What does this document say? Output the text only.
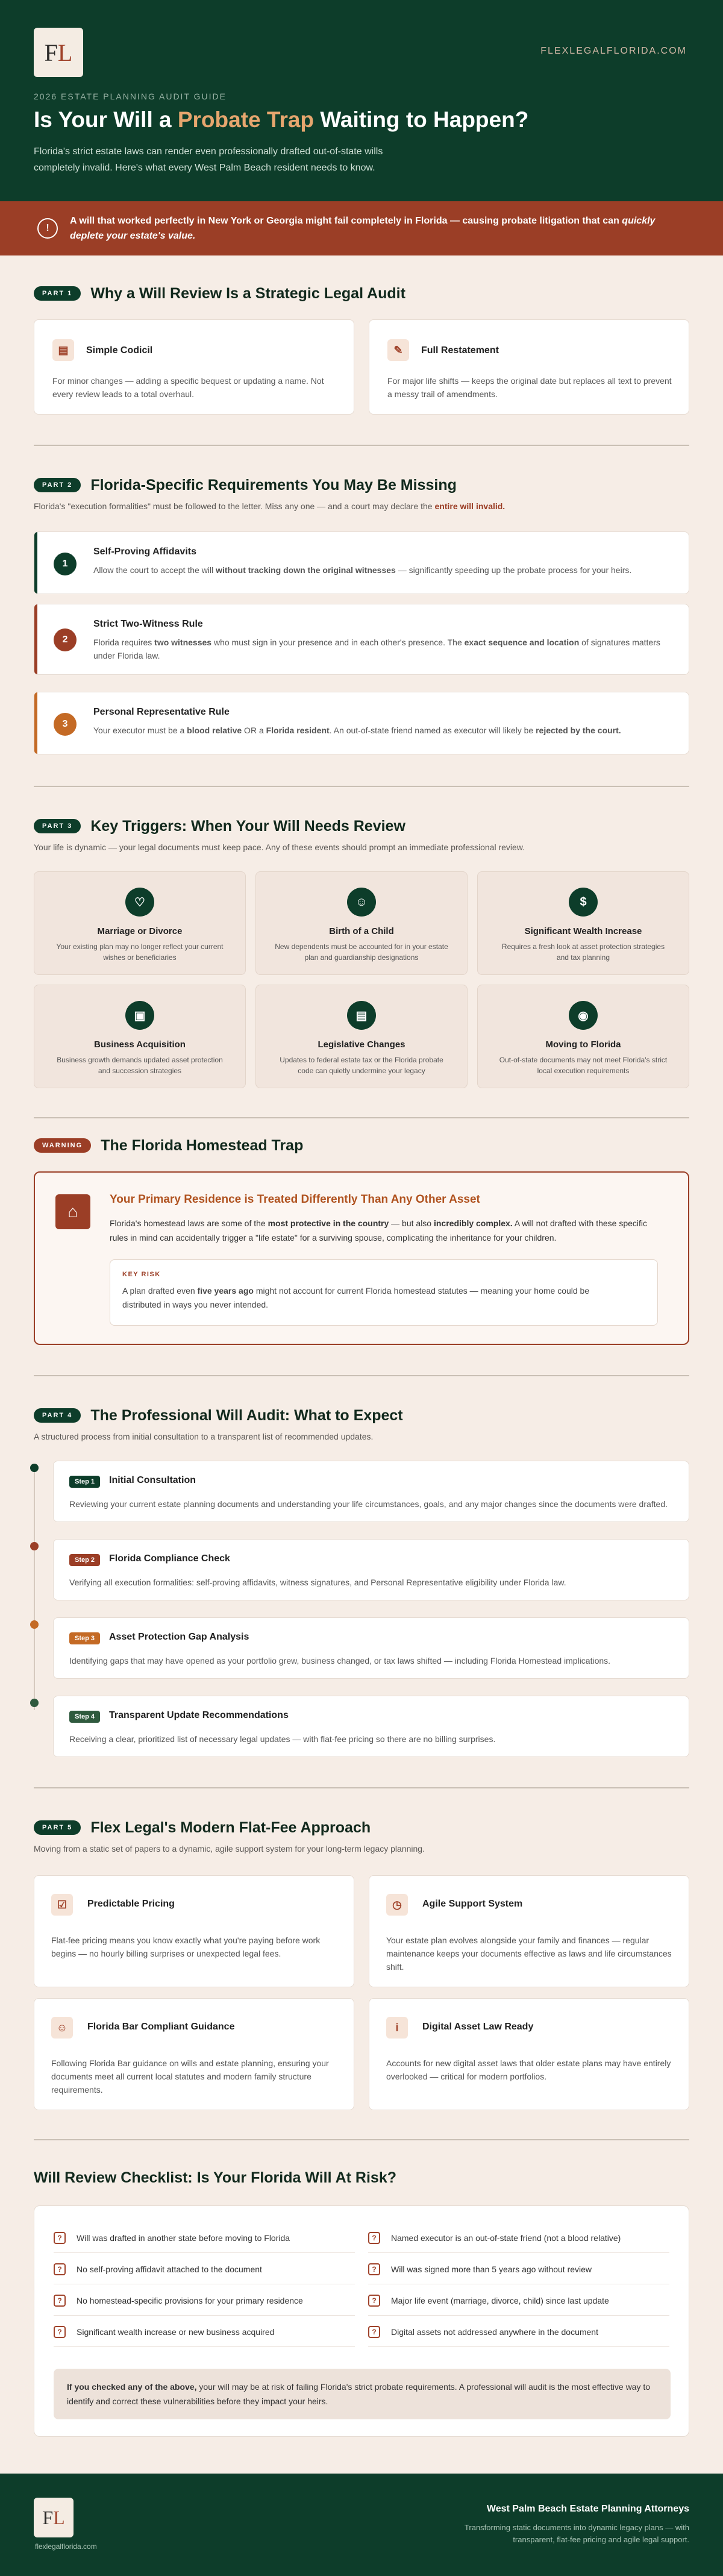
F L	FLEXLEGALFLORIDA.COM
2026 ESTATE PLANNING AUDIT GUIDE
Is Your Will a Probate Trap Waiting to Happen?
Florida's strict estate laws can render even professionally drafted out-of-state wills completely invalid. Here's what every West Palm Beach resident needs to know.
!
A will that worked perfectly in New York or Georgia might fail completely in Florida — causing probate litigation that can quickly deplete your estate's value.
PART 1	Why a Will Review Is a Strategic Legal Audit
▤	Simple Codicil
For minor changes — adding a specific bequest or updating a name. Not every review leads to a total overhaul.
✎	Full Restatement
For major life shifts — keeps the original date but replaces all text to prevent a messy trail of amendments.
PART 2	Florida-Specific Requirements You May Be Missing
Florida's "execution formalities" must be followed to the letter. Miss any one — and a court may declare the entire will invalid.
1
Self-Proving Affidavits
Allow the court to accept the will without tracking down the original witnesses — significantly speeding up the probate process for your heirs.
2
Strict Two-Witness Rule
Florida requires two witnesses who must sign in your presence and in each other's presence. The exact sequence and location of signatures matters under Florida law.
3
Personal Representative Rule
Your executor must be a blood relative OR a Florida resident. An out-of-state friend named as executor will likely be rejected by the court.
PART 3	Key Triggers: When Your Will Needs Review
Your life is dynamic — your legal documents must keep pace. Any of these events should prompt an immediate professional review.
♡
Marriage or Divorce
Your existing plan may no longer reflect your current wishes or beneficiaries
☺
Birth of a Child
New dependents must be accounted for in your estate plan and guardianship designations
$
Significant Wealth Increase
Requires a fresh look at asset protection strategies and tax planning
▣
Business Acquisition
Business growth demands updated asset protection and succession strategies
▤
Legislative Changes
Updates to federal estate tax or the Florida probate code can quietly undermine your legacy
◉
Moving to Florida
Out-of-state documents may not meet Florida's strict local execution requirements
WARNING	The Florida Homestead Trap
⌂
Your Primary Residence is Treated Differently Than Any Other Asset
Florida's homestead laws are some of the most protective in the country — but also incredibly complex. A will not drafted with these specific rules in mind can accidentally trigger a "life estate" for a surviving spouse, complicating the inheritance for your children.
KEY RISK
A plan drafted even five years ago might not account for current Florida homestead statutes — meaning your home could be distributed in ways you never intended.
PART 4	The Professional Will Audit: What to Expect
A structured process from initial consultation to a transparent list of recommended updates.
Step 1	Initial Consultation
Reviewing your current estate planning documents and understanding your life circumstances, goals, and any major changes since the documents were drafted.
Step 2	Florida Compliance Check
Verifying all execution formalities: self-proving affidavits, witness signatures, and Personal Representative eligibility under Florida law.
Step 3	Asset Protection Gap Analysis
Identifying gaps that may have opened as your portfolio grew, business changed, or tax laws shifted — including Florida Homestead implications.
Step 4	Transparent Update Recommendations
Receiving a clear, prioritized list of necessary legal updates — with flat-fee pricing so there are no billing surprises.
PART 5	Flex Legal's Modern Flat-Fee Approach
Moving from a static set of papers to a dynamic, agile support system for your long-term legacy planning.
☑	Predictable Pricing
Flat-fee pricing means you know exactly what you're paying before work begins — no hourly billing surprises or unexpected legal fees.
◷	Agile Support System
Your estate plan evolves alongside your family and finances — regular maintenance keeps your documents effective as laws and life circumstances shift.
☺	Florida Bar Compliant Guidance
Following Florida Bar guidance on wills and estate planning, ensuring your documents meet all current local statutes and modern family structure requirements.
i	Digital Asset Law Ready
Accounts for new digital asset laws that older estate plans may have entirely overlooked — critical for modern portfolios.
Will Review Checklist: Is Your Florida Will At Risk?
?	Will was drafted in another state before moving to Florida
?	No self-proving affidavit attached to the document
?	No homestead-specific provisions for your primary residence
?	Significant wealth increase or new business acquired
?	Named executor is an out-of-state friend (not a blood relative)
?	Will was signed more than 5 years ago without review
?	Major life event (marriage, divorce, child) since last update
?	Digital assets not addressed anywhere in the document
If you checked any of the above, your will may be at risk of failing Florida's strict probate requirements. A professional will audit is the most effective way to identify and correct these vulnerabilities before they impact your heirs.
F L
flexlegalflorida.com
West Palm Beach Estate Planning Attorneys
Transforming static documents into dynamic legacy plans — with transparent, flat-fee pricing and agile legal support.
